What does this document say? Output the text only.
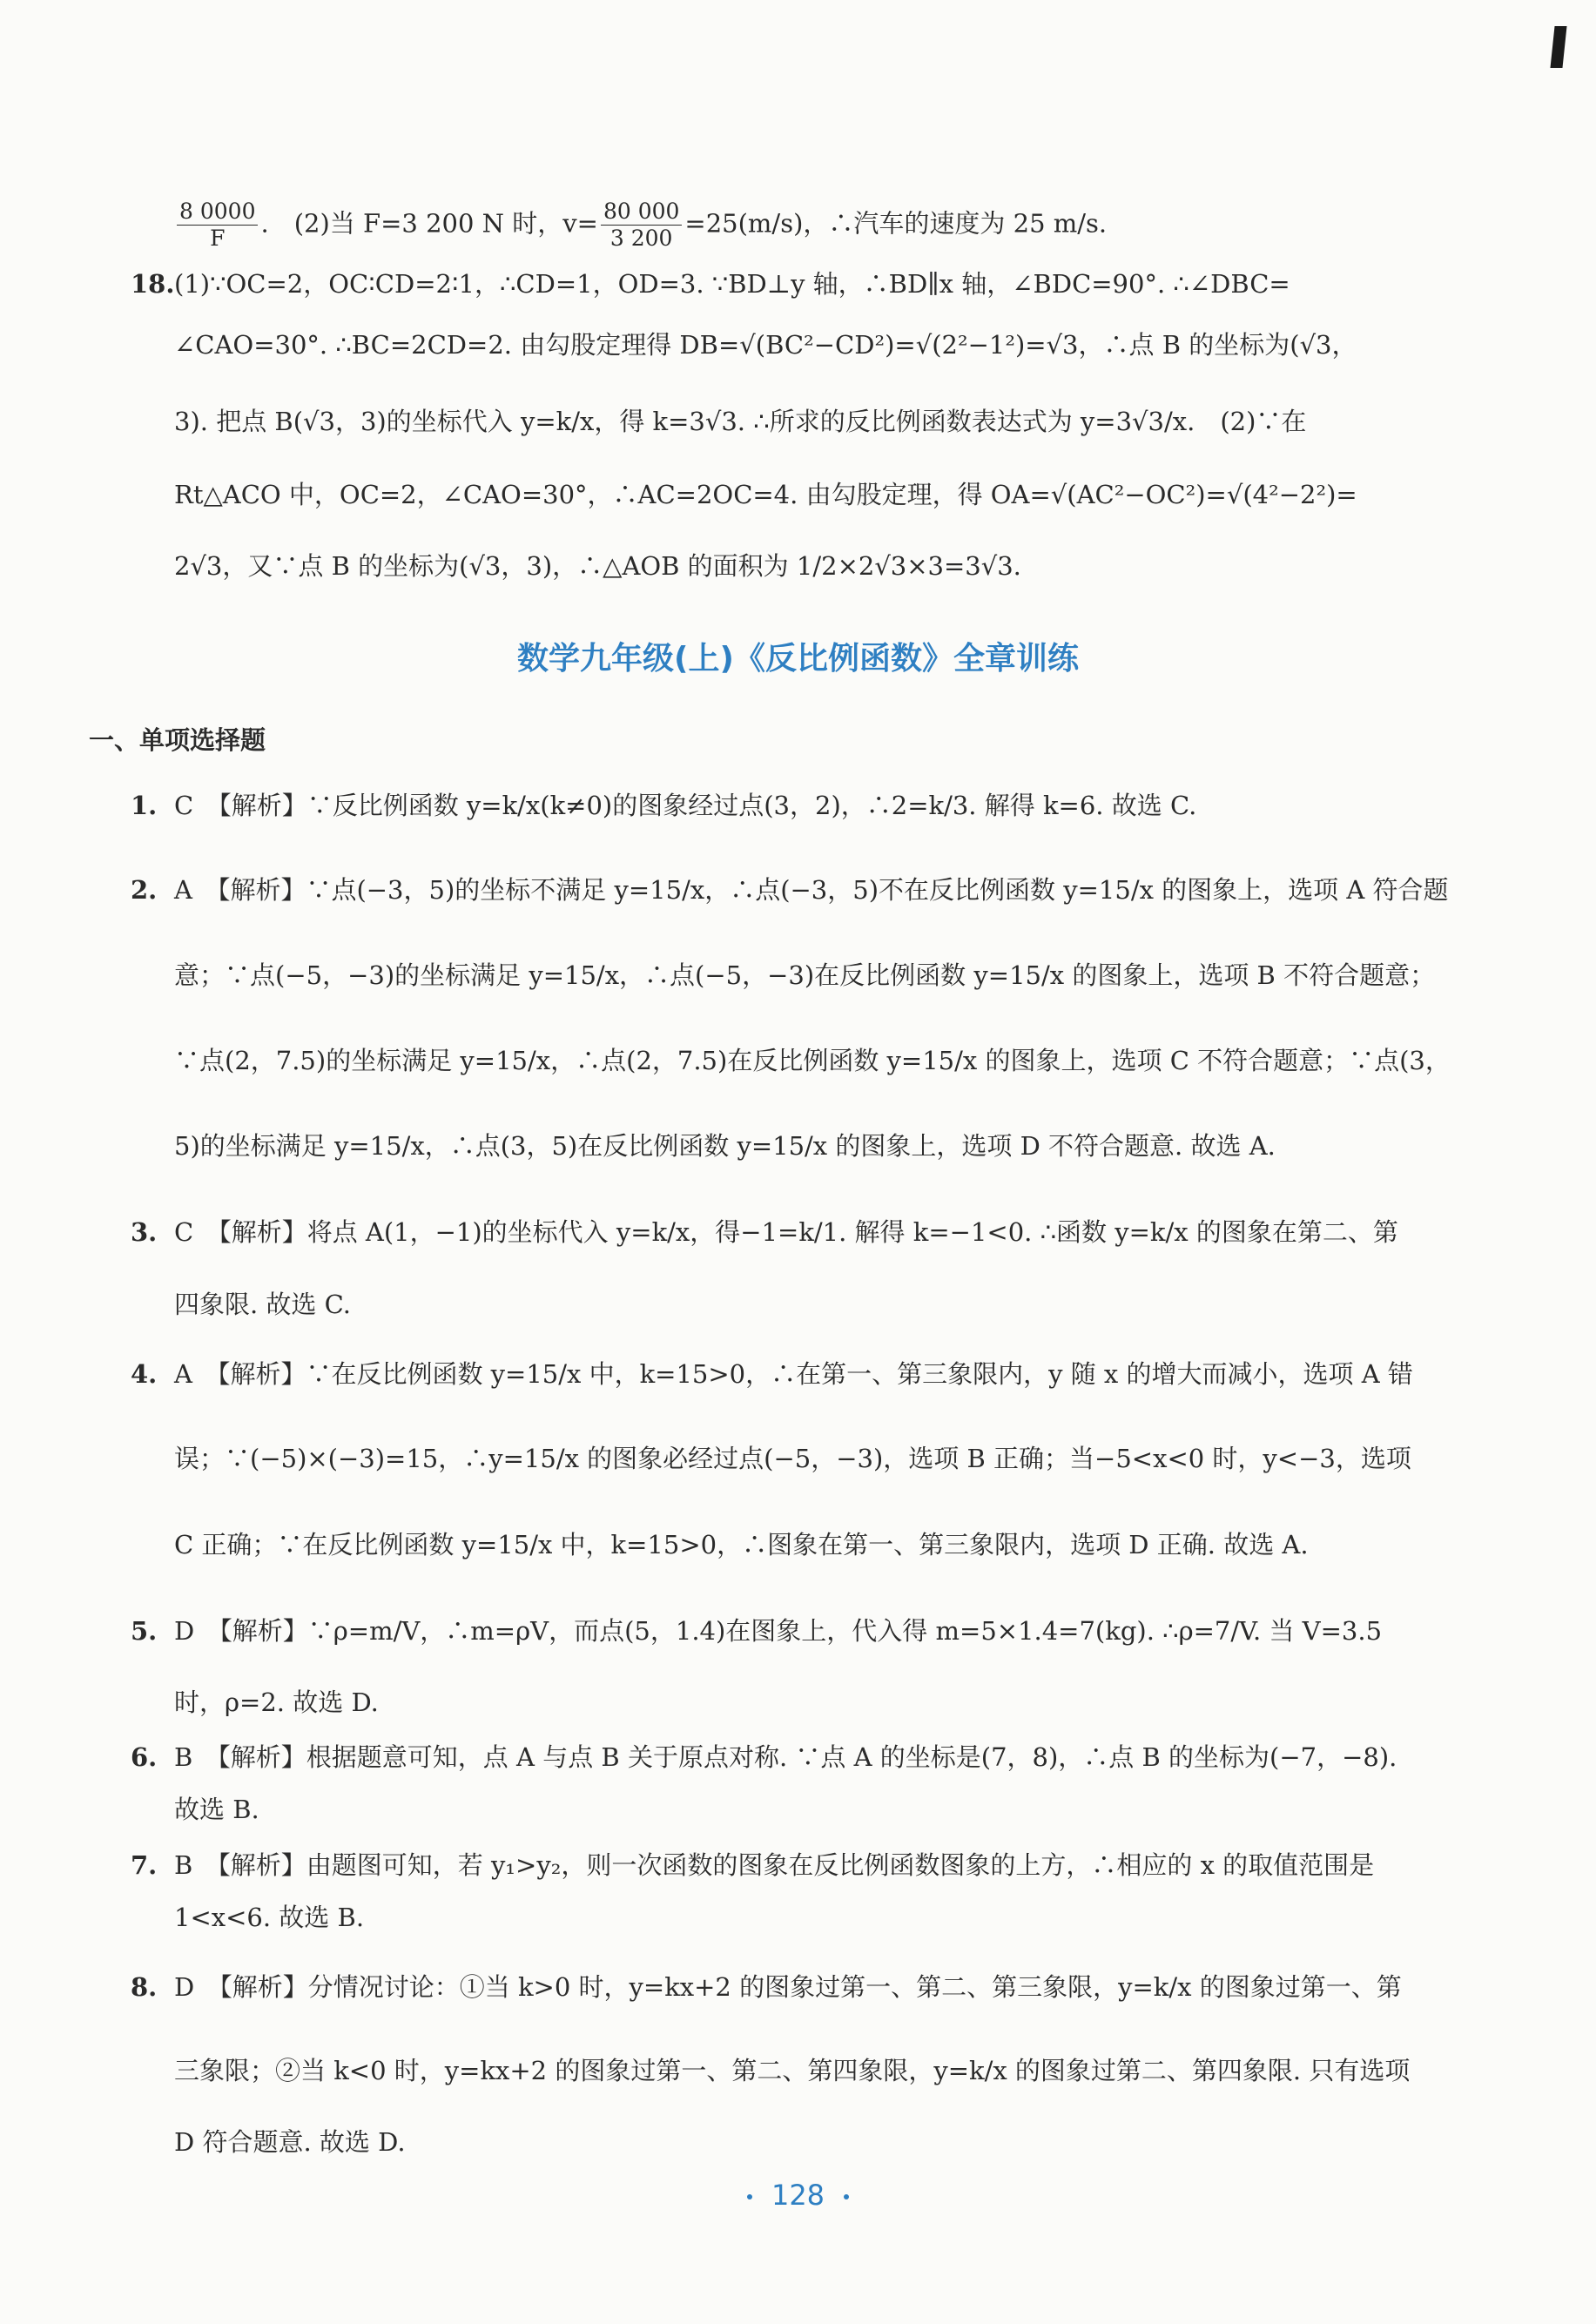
$\frac{8 0000}{F}$ .　(2)当 F=3 200 N 时，$v= \frac{80 000}{3 200} =25(m/s)$，∴汽车的速度为 25 m/s.
18. (1)∵OC=2，OC∶CD=2∶1，∴CD=1，OD=3. ∵BD⊥y 轴，∴BD∥x 轴，∠BDC=90°. ∴∠DBC=
∠CAO=30°. ∴BC=2CD=2. 由勾股定理得 DB=√(BC²−CD²)=√(2²−1²)=√3，∴点 B 的坐标为(√3，
3). 把点 B(√3，3)的坐标代入 y=k/x，得 k=3√3. ∴所求的反比例函数表达式为 y=3√3/x.　(2)∵在
Rt△ACO 中，OC=2，∠CAO=30°，∴AC=2OC=4. 由勾股定理，得 OA=√(AC²−OC²)=√(4²−2²)=
2√3，又∵点 B 的坐标为(√3，3)，∴△AOB 的面积为 1/2×2√3×3=3√3.
数学九年级(上)《反比例函数》全章训练
一、单项选择题
1. C　【解析】∵反比例函数 y=k/x(k≠0)的图象经过点(3，2)，∴2=k/3. 解得 k=6. 故选 C.
2. A　【解析】∵点(−3，5)的坐标不满足 y=15/x，∴点(−3，5)不在反比例函数 y=15/x 的图象上，选项 A 符合题
意；∵点(−5，−3)的坐标满足 y=15/x，∴点(−5，−3)在反比例函数 y=15/x 的图象上，选项 B 不符合题意；
∵点(2，7.5)的坐标满足 y=15/x，∴点(2，7.5)在反比例函数 y=15/x 的图象上，选项 C 不符合题意；∵点(3，
5)的坐标满足 y=15/x，∴点(3，5)在反比例函数 y=15/x 的图象上，选项 D 不符合题意. 故选 A.
3. C　【解析】将点 A(1，−1)的坐标代入 y=k/x，得−1=k/1. 解得 k=−1<0. ∴函数 y=k/x 的图象在第二、第
四象限. 故选 C.
4. A　【解析】∵在反比例函数 y=15/x 中，k=15>0，∴在第一、第三象限内，y 随 x 的增大而减小，选项 A 错
误；∵(−5)×(−3)=15，∴y=15/x 的图象必经过点(−5，−3)，选项 B 正确；当−5<x<0 时，y<−3，选项
C 正确；∵在反比例函数 y=15/x 中，k=15>0，∴图象在第一、第三象限内，选项 D 正确. 故选 A.
5. D　【解析】∵ρ=m/V，∴m=ρV，而点(5，1.4)在图象上，代入得 m=5×1.4=7(kg). ∴ρ=7/V. 当 V=3.5
时，ρ=2. 故选 D.
6. B　【解析】根据题意可知，点 A 与点 B 关于原点对称. ∵点 A 的坐标是(7，8)，∴点 B 的坐标为(−7，−8).
故选 B.
7. B　【解析】由题图可知，若 y₁>y₂，则一次函数的图象在反比例函数图象的上方，∴相应的 x 的取值范围是
1<x<6. 故选 B.
8. D　【解析】分情况讨论：①当 k>0 时，y=kx+2 的图象过第一、第二、第三象限，y=k/x 的图象过第一、第
三象限；②当 k<0 时，y=kx+2 的图象过第一、第二、第四象限，y=k/x 的图象过第二、第四象限. 只有选项
D 符合题意. 故选 D.
128
